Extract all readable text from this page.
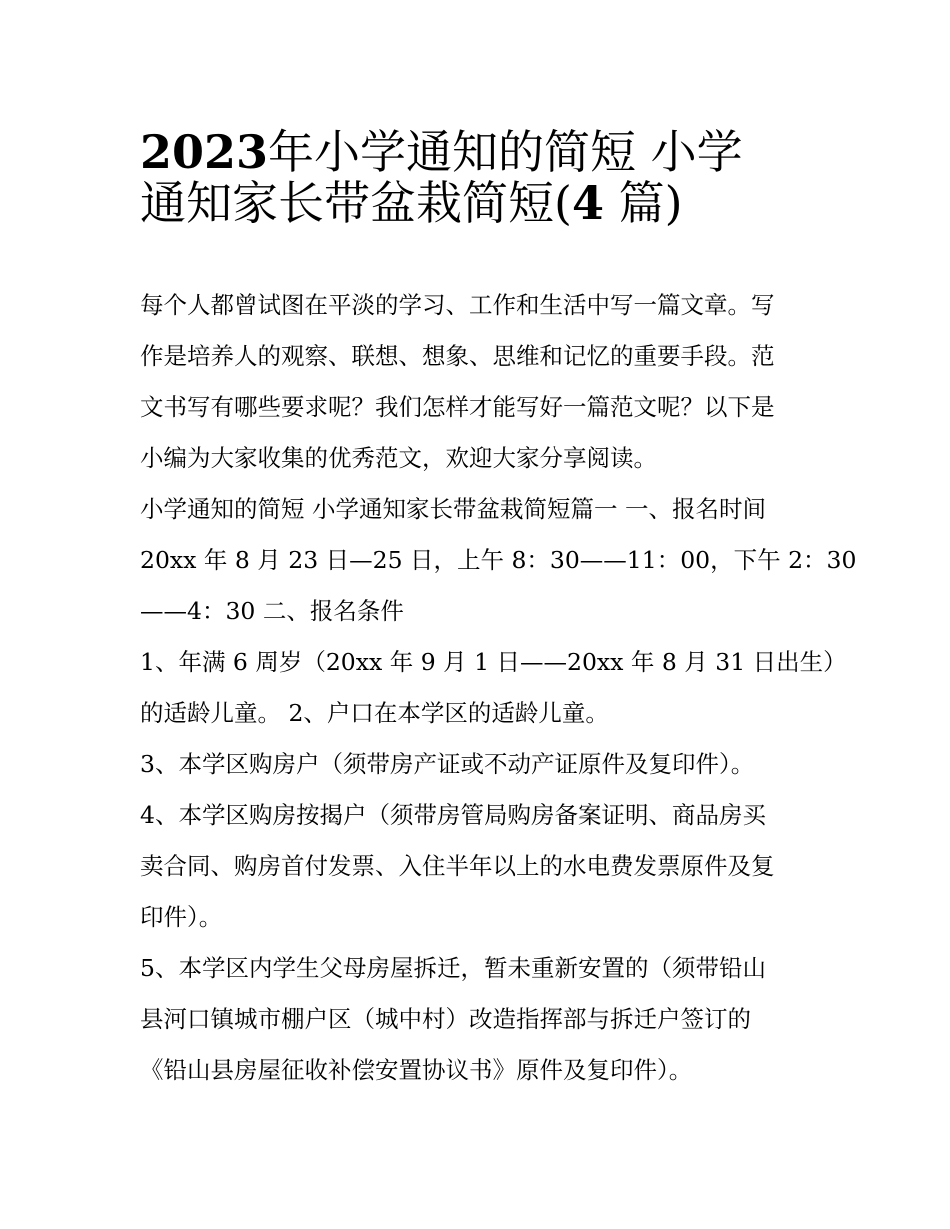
2023年小学通知的简短 小学
通知家长带盆栽简短(4 篇)
每个人都曾试图在平淡的学习、工作和生活中写一篇文章。写
作是培养人的观察、联想、想象、思维和记忆的重要手段。范
文书写有哪些要求呢？我们怎样才能写好一篇范文呢？以下是
小编为大家收集的优秀范文，欢迎大家分享阅读。
小学通知的简短 小学通知家长带盆栽简短篇一 一、报名时间
20xx 年 8 月 23 日—25 日，上午 8：30——11：00，下午 2：30
——4：30 二、报名条件
1、年满 6 周岁（20xx 年 9 月 1 日——20xx 年 8 月 31 日出生）
的适龄儿童。 2、户口在本学区的适龄儿童。
3、本学区购房户（须带房产证或不动产证原件及复印件）。
4、本学区购房按揭户（须带房管局购房备案证明、商品房买
卖合同、购房首付发票、入住半年以上的水电费发票原件及复
印件）。
5、本学区内学生父母房屋拆迁，暂未重新安置的（须带铅山
县河口镇城市棚户区（城中村）改造指挥部与拆迁户签订的
《铅山县房屋征收补偿安置协议书》原件及复印件）。
